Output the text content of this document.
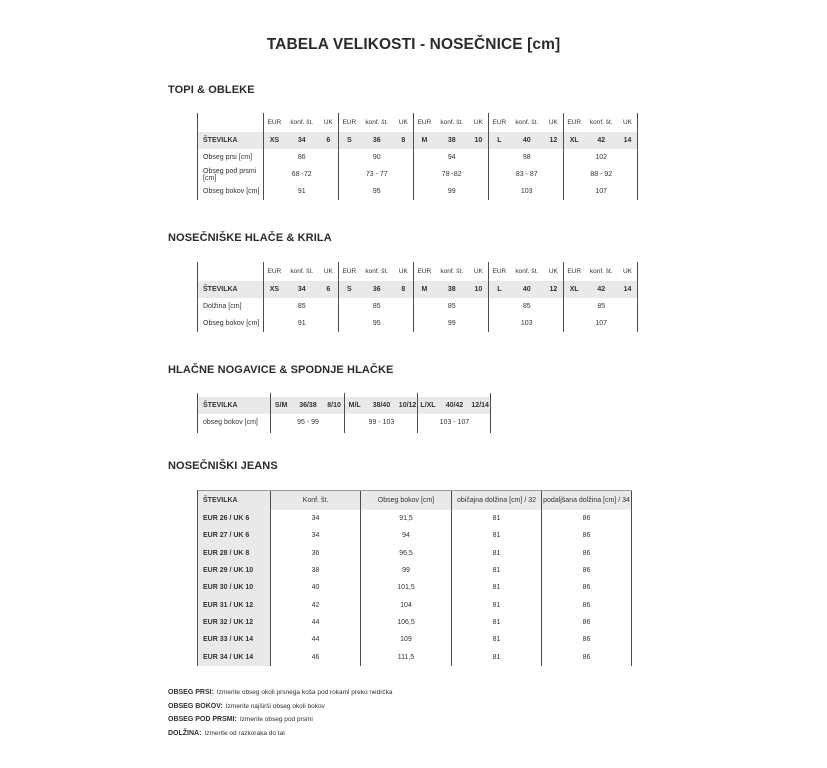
TABELA VELIKOSTI - NOSEČNICE [cm]
TOPI & OBLEKE
EUR	konf. št.	UK	EUR	konf. št.	UK	EUR	konf. št.	UK	EUR	konf. št.	UK	EUR	konf. št.	UK
ŠTEVILKA	XS	34	6	S	36	8	M	38	10	L	40	12	XL	42	14
Obseg prsi [cm]	86	90	94	98	102
Obseg pod prsmi [cm]	68 -72	73 - 77	78 -82	83 - 87	88 - 92
Obseg bokov [cm]	91	95	99	103	107
NOSEČNIŠKE HLAČE & KRILA
EUR	konf. št.	UK	EUR	konf. št.	UK	EUR	konf. št.	UK	EUR	konf. št.	UK	EUR	konf. št.	UK
ŠTEVILKA	XS	34	6	S	36	8	M	38	10	L	40	12	XL	42	14
Dolžina [cm]	85	85	85	85	85
Obseg bokov [cm]	91	95	99	103	107
HLAČNE NOGAVICE & SPODNJE HLAČKE
ŠTEVILKA	S/M	36/38	8/10	M/L	38/40	10/12 L/XL	40/42	12/14
obseg bokov [cm]	95 - 99	99 - 103	103 - 107
NOSEČNIŠKI JEANS
ŠTEVILKA	Konf. št.	Obseg bokov [cm]	običajna dolžina [cm] / 32	podaljšana dolžina [cm] / 34
EUR 26 / UK 6	34	91,5	81	86
EUR 27 / UK 6	34	94	81	86
EUR 28 / UK 8	36	96,5	81	86
EUR 29 / UK 10	38	99	81	86
EUR 30 / UK 10	40	101,5	81	86
EUR 31 / UK 12	42	104	81	86
EUR 32 / UK 12	44	106,5	81	86
EUR 33 / UK 14	44	109	81	86
EUR 34 / UK 14	46	111,5	81	86
OBSEG PRSI: Izmerite obseg okoli prsnega koša pod rokami preko nedrčka
OBSEG BOKOV: Izmerite najširši obseg okoli bokov
OBSEG POD PRSMI: Izmerite obseg pod prsmi
DOLŽINA: Izmerite od razkoraka do tal
